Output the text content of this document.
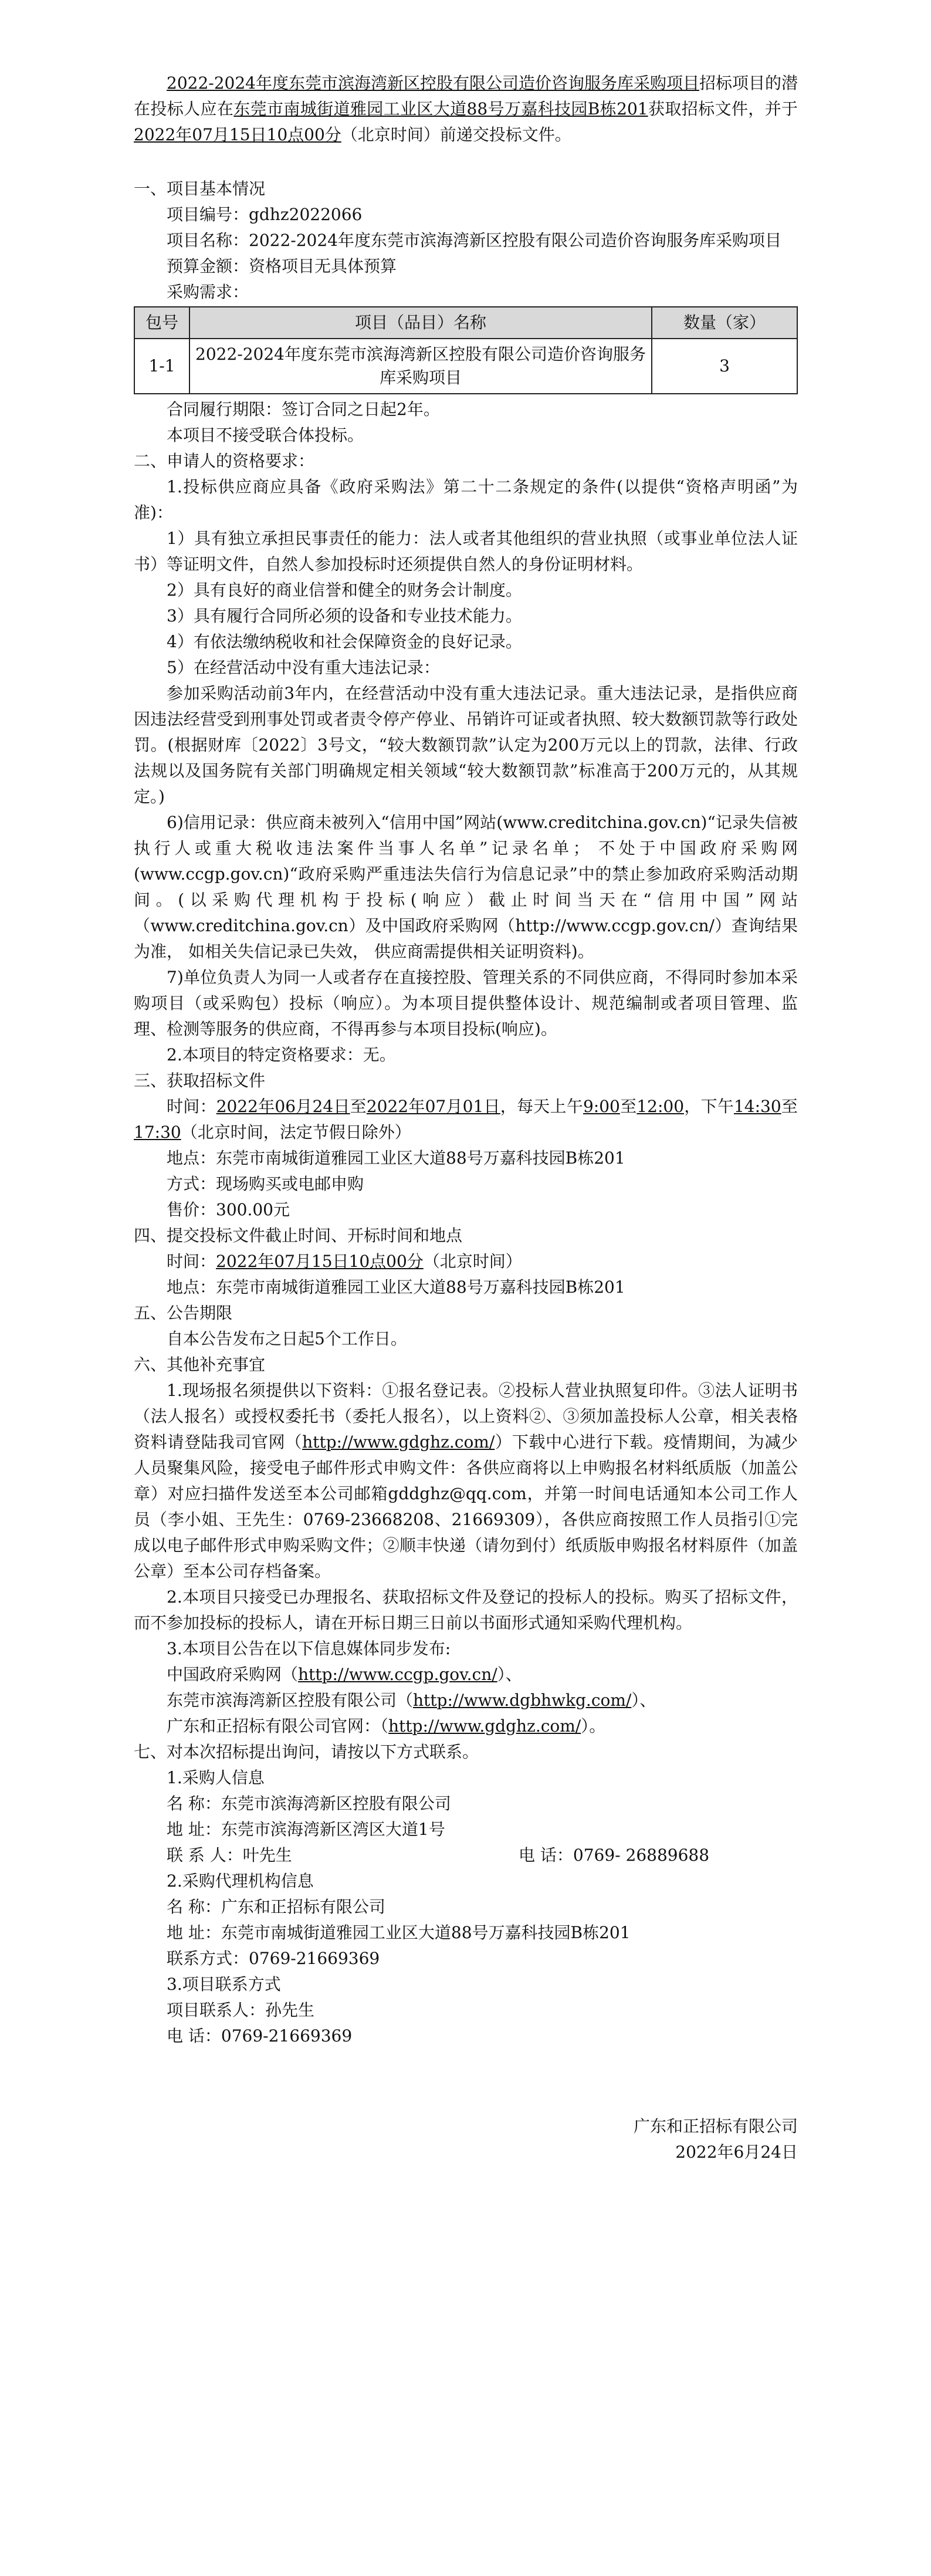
2022-2024年度东莞市滨海湾新区控股有限公司造价咨询服务库采购项目招标项目的潜在投标人应在东莞市南城街道雅园工业区大道88号万嘉科技园B栋201获取招标文件，并于2022年07月15日10点00分（北京时间）前递交投标文件。

一、项目基本情况

项目编号：gdhz2022066

项目名称：2022-2024年度东莞市滨海湾新区控股有限公司造价咨询服务库采购项目

预算金额：资格项目无具体预算

采购需求：

包号	项目（品目）名称	数量（家）
1-1	2022-2024年度东莞市滨海湾新区控股有限公司造价咨询服务库采购项目	3

合同履行期限：签订合同之日起2年。

本项目不接受联合体投标。

二、申请人的资格要求：

1.投标供应商应具备《政府采购法》第二十二条规定的条件(以提供“资格声明函”为准)：

1）具有独立承担民事责任的能力：法人或者其他组织的营业执照（或事业单位法人证书）等证明文件，自然人参加投标时还须提供自然人的身份证明材料。

2）具有良好的商业信誉和健全的财务会计制度。

3）具有履行合同所必须的设备和专业技术能力。

4）有依法缴纳税收和社会保障资金的良好记录。

5）在经营活动中没有重大违法记录：

参加采购活动前3年内，在经营活动中没有重大违法记录。重大违法记录，是指供应商因违法经营受到刑事处罚或者责令停产停业、吊销许可证或者执照、较大数额罚款等行政处罚。(根据财库〔2022〕3号文，“较大数额罚款”认定为200万元以上的罚款，法律、行政法规以及国务院有关部门明确规定相关领域“较大数额罚款”标准高于200万元的，从其规定。)

6)信用记录：供应商未被列入“信用中国”网站(www.creditchina.gov.cn)“记录失信被执行人或重大税收违法案件当事人名单”记录名单； 不处于中国政府采购网(www.ccgp.gov.cn)“政府采购严重违法失信行为信息记录”中的禁止参加政府采购活动期间。(以采购代理机构于投标(响应）截止时间当天在“信用中国”网站（www.creditchina.gov.cn）及中国政府采购网（http://www.ccgp.gov.cn/）查询结果为准， 如相关失信记录已失效， 供应商需提供相关证明资料)。

7)单位负责人为同一人或者存在直接控股、管理关系的不同供应商，不得同时参加本采购项目（或采购包）投标（响应）。为本项目提供整体设计、规范编制或者项目管理、监理、检测等服务的供应商，不得再参与本项目投标(响应)。

2.本项目的特定资格要求：无。

三、获取招标文件

时间：2022年06月24日至2022年07月01日，每天上午9:00至12:00，下午14:30至17:30（北京时间，法定节假日除外）

地点：东莞市南城街道雅园工业区大道88号万嘉科技园B栋201

方式：现场购买或电邮申购

售价：300.00元

四、提交投标文件截止时间、开标时间和地点

时间：2022年07月15日10点00分（北京时间）

地点：东莞市南城街道雅园工业区大道88号万嘉科技园B栋201

五、公告期限

自本公告发布之日起5个工作日。

六、其他补充事宜

1.现场报名须提供以下资料：①报名登记表。②投标人营业执照复印件。③法人证明书（法人报名）或授权委托书（委托人报名），以上资料②、③须加盖投标人公章，相关表格资料请登陆我司官网（http://www.gdghz.com/）下载中心进行下载。疫情期间，为减少人员聚集风险，接受电子邮件形式申购文件：各供应商将以上申购报名材料纸质版（加盖公章）对应扫描件发送至本公司邮箱gddghz@qq.com，并第一时间电话通知本公司工作人员（李小姐、王先生：0769-23668208、21669309），各供应商按照工作人员指引①完成以电子邮件形式申购采购文件；②顺丰快递（请勿到付）纸质版申购报名材料原件（加盖公章）至本公司存档备案。

2.本项目只接受已办理报名、获取招标文件及登记的投标人的投标。购买了招标文件，而不参加投标的投标人，请在开标日期三日前以书面形式通知采购代理机构。

3.本项目公告在以下信息媒体同步发布:

中国政府采购网（http://www.ccgp.gov.cn/）、

东莞市滨海湾新区控股有限公司（http://www.dgbhwkg.com/）、

广东和正招标有限公司官网：（http://www.gdghz.com/）。

七、对本次招标提出询问，请按以下方式联系。

1.采购人信息

名 称：东莞市滨海湾新区控股有限公司

地 址：东莞市滨海湾新区湾区大道1号

联 系 人：叶先生	电 话：0769- 26889688

2.采购代理机构信息

名 称：广东和正招标有限公司

地 址：东莞市南城街道雅园工业区大道88号万嘉科技园B栋201

联系方式：0769-21669369

3.项目联系方式

项目联系人：孙先生

电 话：0769-21669369

广东和正招标有限公司

2022年6月24日
